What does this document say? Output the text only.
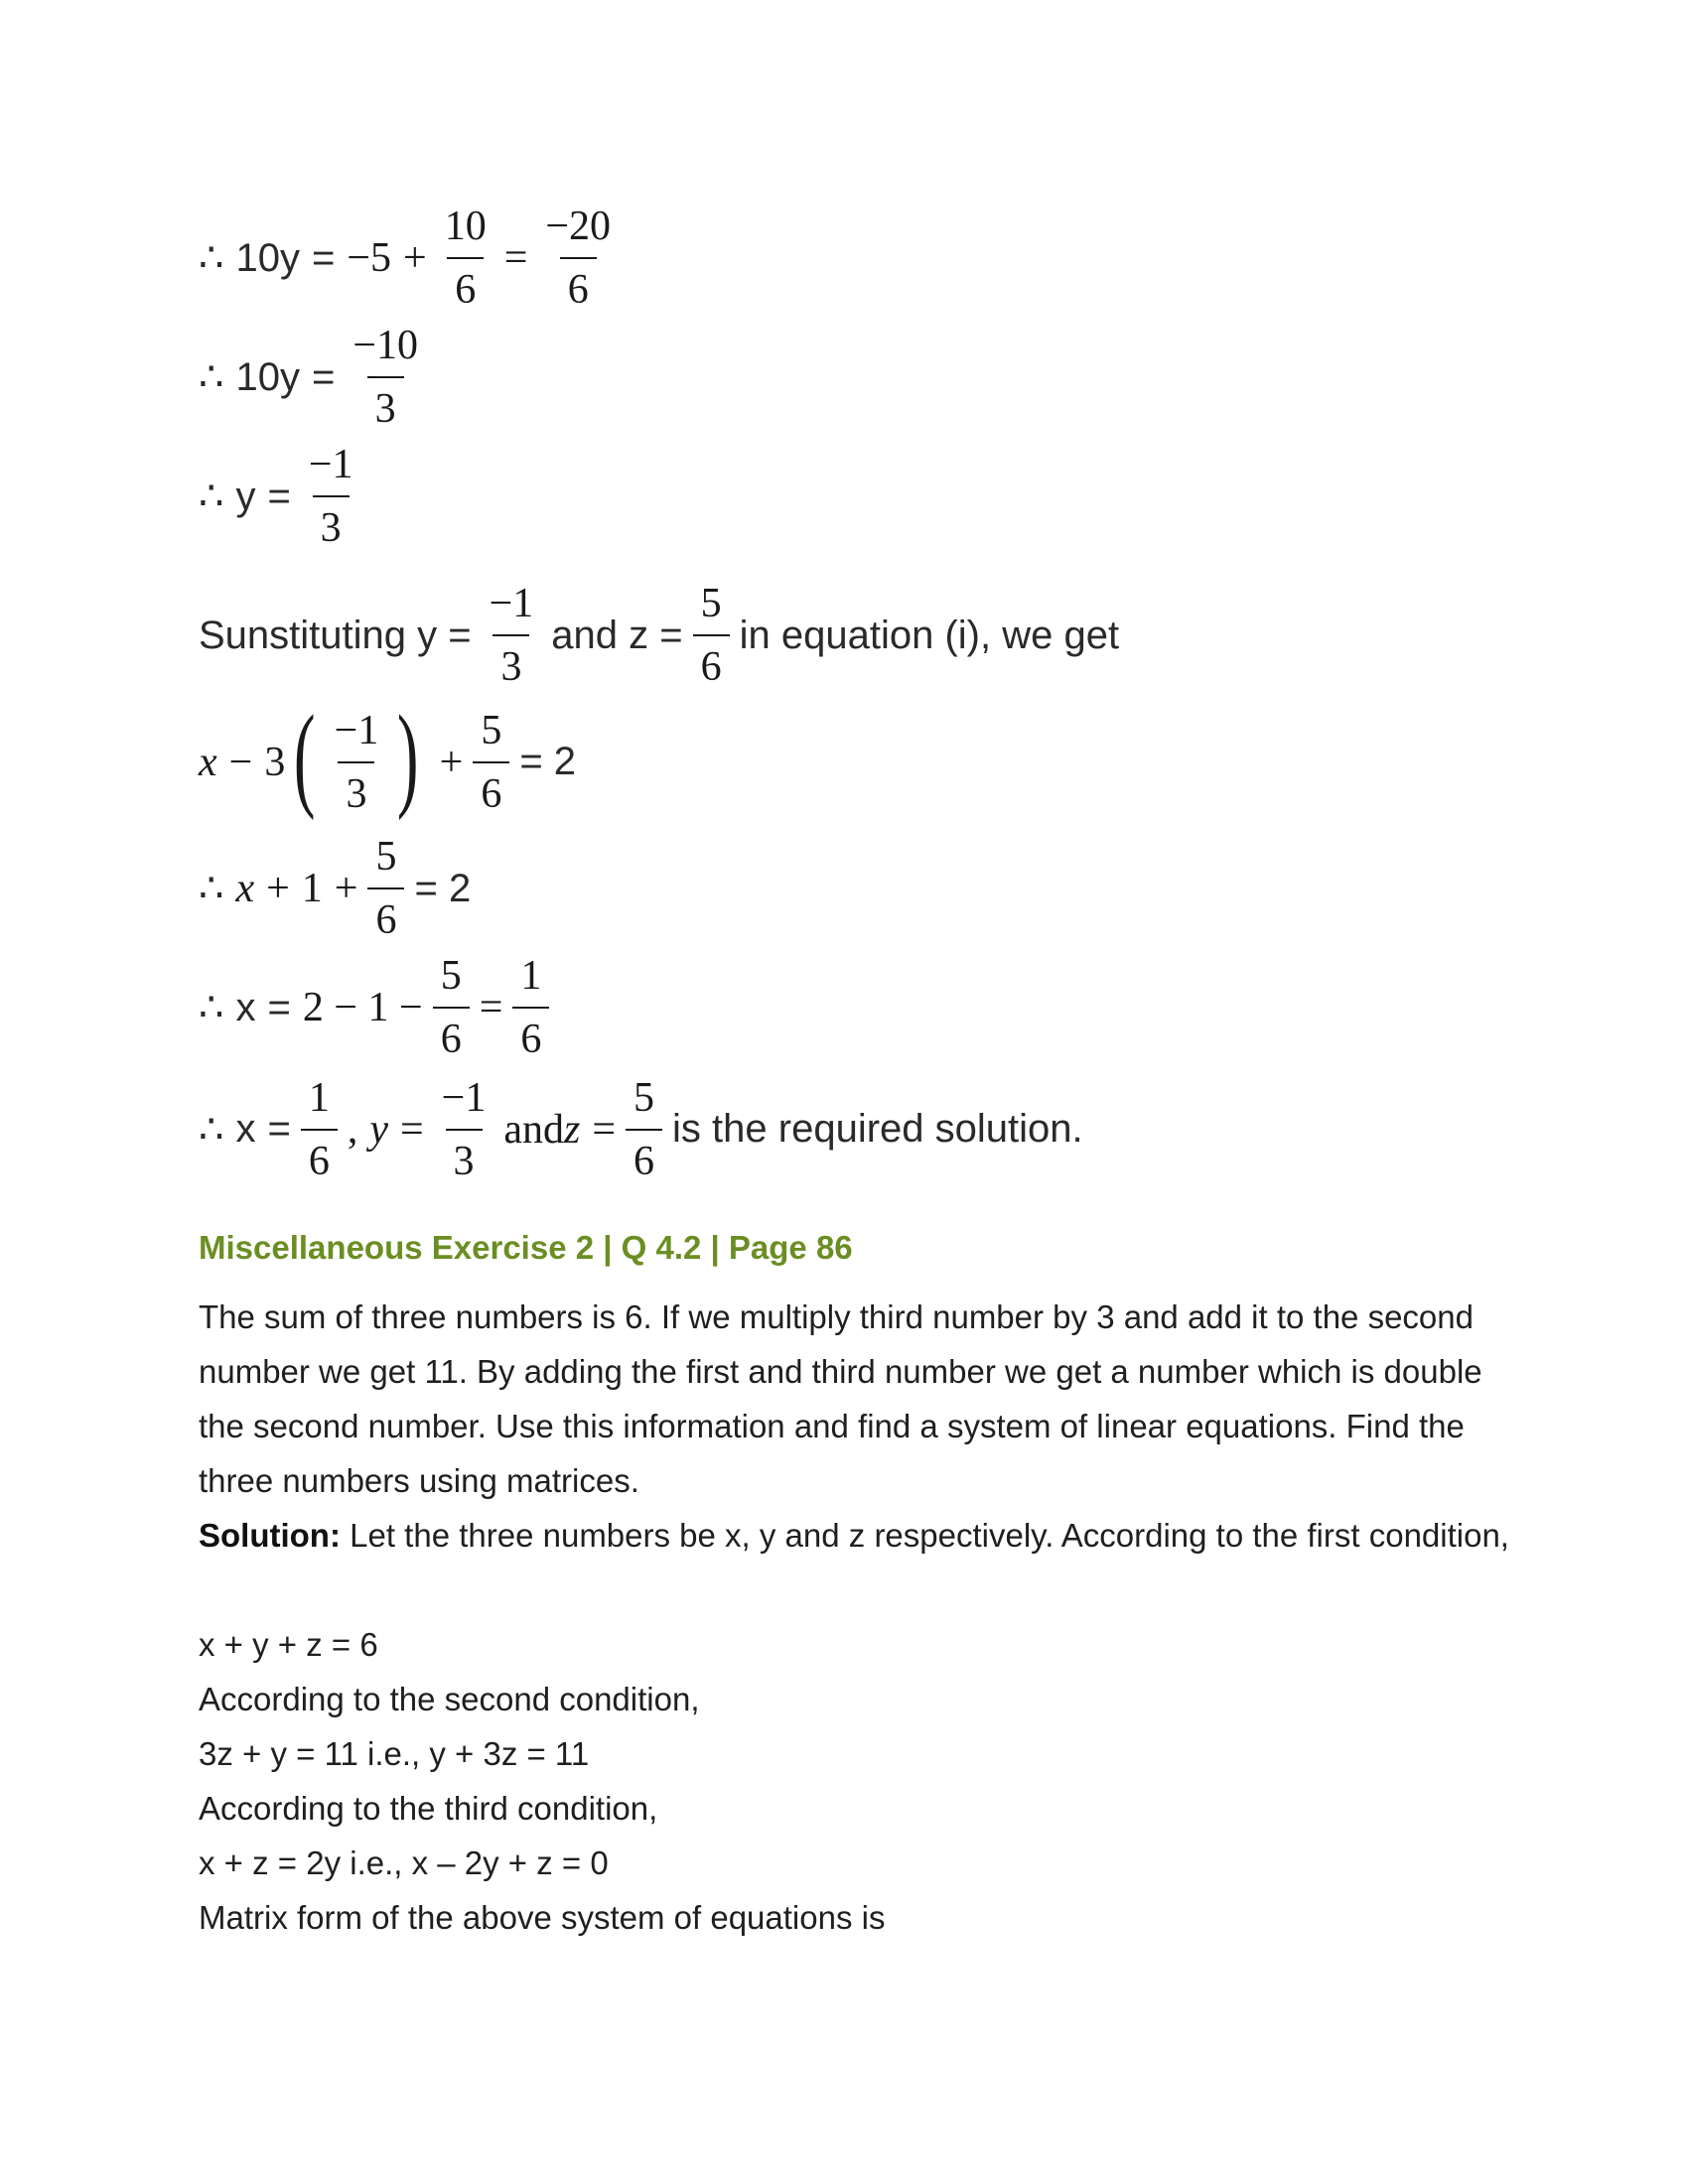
∴ $10y = -5 + \frac{10}{6} = \frac{-20}{6}$
∴ $10y = \frac{-10}{3}$
∴ $y = \frac{-1}{3}$
Sunstituting $y = \frac{-1}{3}$ and $z = \frac{5}{6}$ in equation (i), we get
x − 3 ( $\frac{-1}{3}$ ) + $\frac{5}{6} = 2$
∴ $x + 1 + \frac{5}{6} = 2$
∴ $x = 2 - 1 - \frac{5}{6} = \frac{1}{6}$
∴ $x = \frac{1}{6}$ , $y = \frac{-1}{3}$ and $z = \frac{5}{6}$ is the required solution.
Miscellaneous Exercise 2 | Q 4.2 | Page 86
The sum of three numbers is 6. If we multiply third number by 3 and add it to the second number we get 11. By adding the first and third number we get a number which is double the second number. Use this information and find a system of linear equations. Find the three numbers using matrices.
Solution: Let the three numbers be x, y and z respectively. According to the first condition,
x + y + z = 6
According to the second condition,
3z + y = 11 i.e., y + 3z = 11
According to the third condition,
x + z = 2y i.e., x – 2y + z = 0
Matrix form of the above system of equations is
